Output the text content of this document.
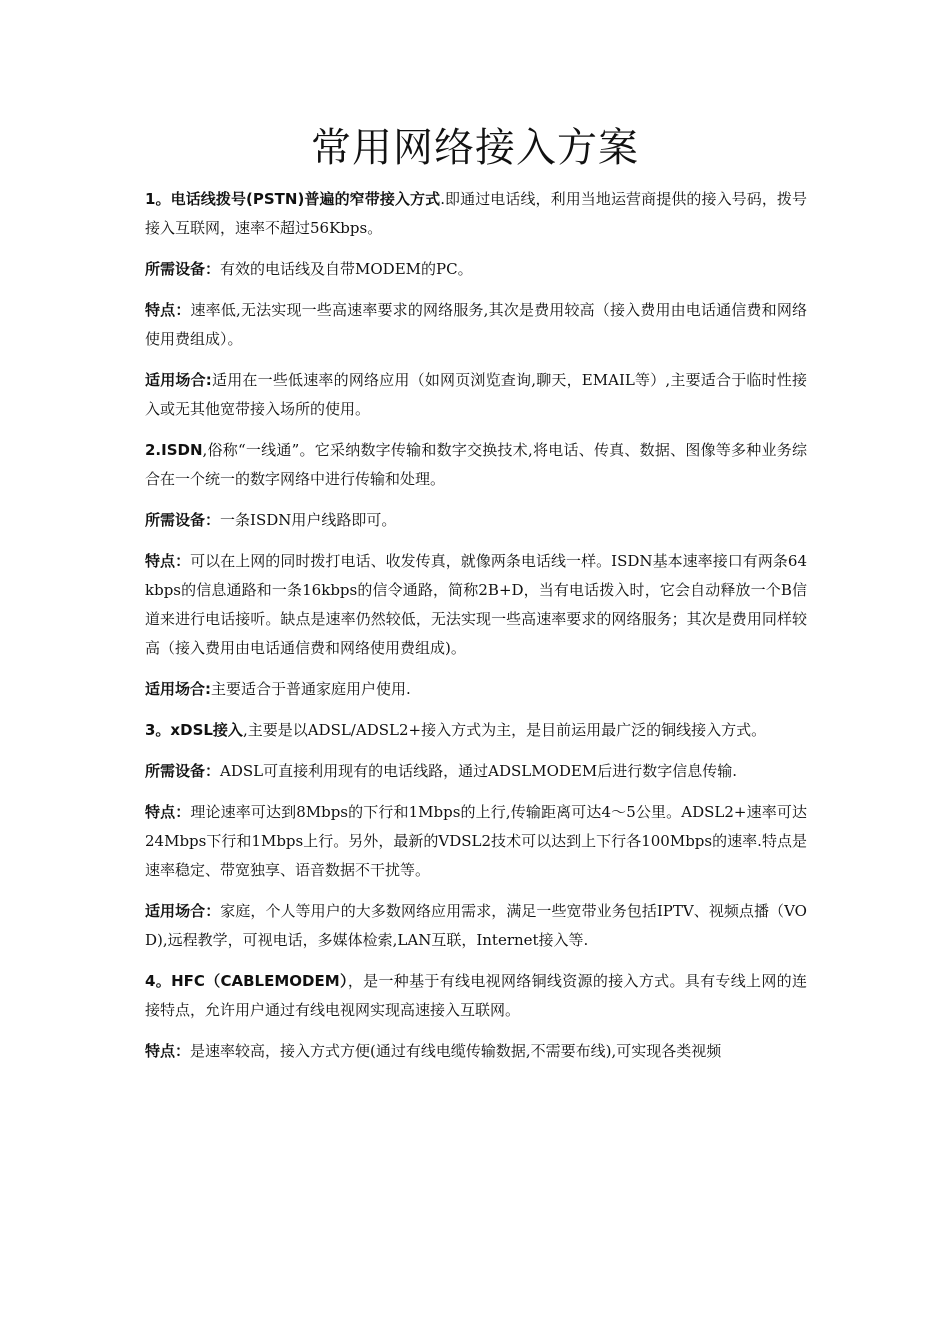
常用网络接入方案

1。电话线拨号(PSTN)普遍的窄带接入方式.即通过电话线，利用当地运营商提供的接入号码，拨号接入互联网，速率不超过56Kbps。

所需设备：有效的电话线及自带MODEM的PC。

特点：速率低,无法实现一些高速率要求的网络服务,其次是费用较高（接入费用由电话通信费和网络使用费组成）。

适用场合:适用在一些低速率的网络应用（如网页浏览查询,聊天，EMAIL等）,主要适合于临时性接入或无其他宽带接入场所的使用。

2.ISDN,俗称“一线通”。它采纳数字传输和数字交换技术,将电话、传真、数据、图像等多种业务综合在一个统一的数字网络中进行传输和处理。

所需设备：一条ISDN用户线路即可。

特点：可以在上网的同时拨打电话、收发传真，就像两条电话线一样。ISDN基本速率接口有两条64kbps的信息通路和一条16kbps的信令通路，简称2B+D，当有电话拨入时，它会自动释放一个B信道来进行电话接听。缺点是速率仍然较低，无法实现一些高速率要求的网络服务；其次是费用同样较高（接入费用由电话通信费和网络使用费组成)。

适用场合:主要适合于普通家庭用户使用.

3。xDSL接入,主要是以ADSL/ADSL2+接入方式为主，是目前运用最广泛的铜线接入方式。

所需设备：ADSL可直接利用现有的电话线路，通过ADSLMODEM后进行数字信息传输.

特点：理论速率可达到8Mbps的下行和1Mbps的上行,传输距离可达4～5公里。ADSL2+速率可达24Mbps下行和1Mbps上行。另外，最新的VDSL2技术可以达到上下行各100Mbps的速率.特点是速率稳定、带宽独享、语音数据不干扰等。

适用场合：家庭，个人等用户的大多数网络应用需求，满足一些宽带业务包括IPTV、视频点播（VOD),远程教学，可视电话，多媒体检索,LAN互联，Internet接入等.

4。HFC（CABLEMODEM），是一种基于有线电视网络铜线资源的接入方式。具有专线上网的连接特点，允许用户通过有线电视网实现高速接入互联网。

特点：是速率较高，接入方式方便(通过有线电缆传输数据,不需要布线),可实现各类视频
